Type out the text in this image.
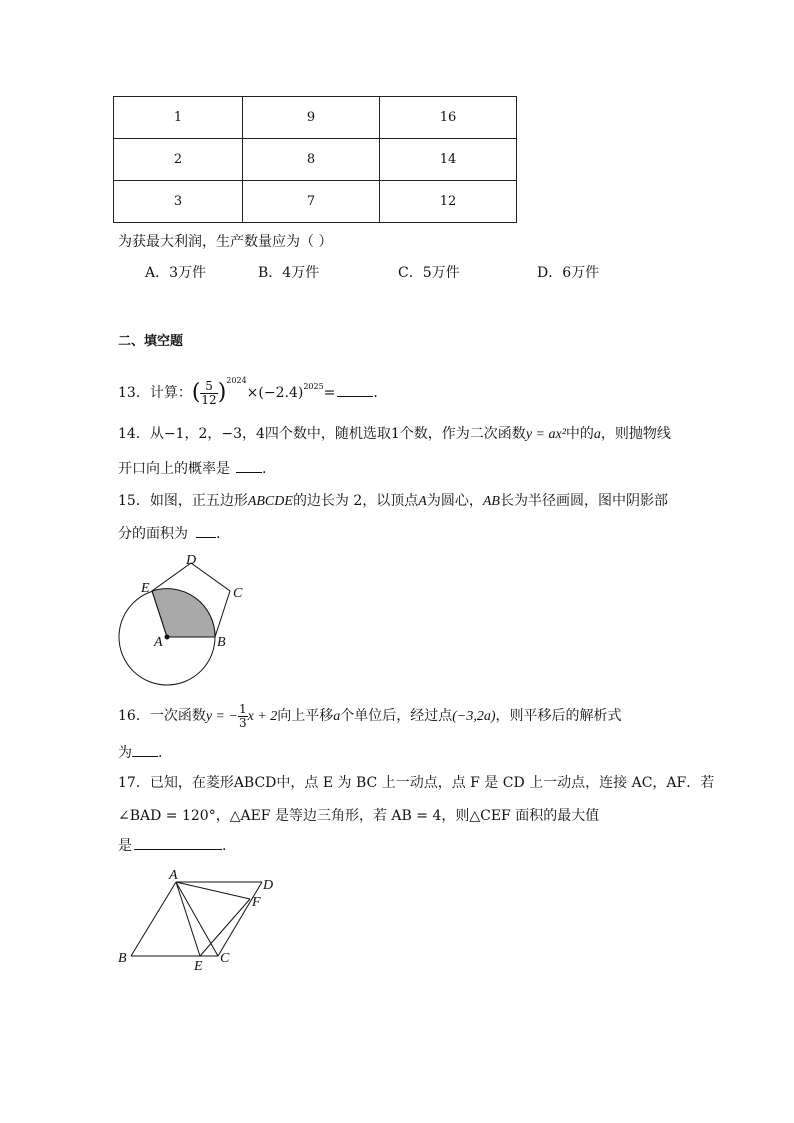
1	9	16
2	8	14
3	7	12
为获最大利润，生产数量应为（ ）
A．3万件	B．4万件	C．5万件	D．6万件
二、填空题
13．计算：( $\frac{5}{12} )^{2024}\times(-2.4)^{2025}=$	.
14．从−1，2，−3，4四个数中，随机选取1个数，作为二次函数y = ax²中的a，则抛物线
开口向上的概率是 .
15．如图，正五边形ABCDE的边长为 2，以顶点A为圆心，AB长为半径画圆，图中阴影部
分的面积为 .
A	B
C
D
E
16．一次函数y = − $\frac{1}{3}$ x + 2向上平移a个单位后，经过点(−3,2a)，则平移后的解析式
为 .
17．已知，在菱形ABCD中，点 E 为 BC 上一动点，点 F 是 CD 上一动点，连接 AC，AF．若
∠BAD = 120°，△AEF 是等边三角形，若 AB = 4，则△CEF 面积的最大值
是	.
A
B	C
D
E
F
